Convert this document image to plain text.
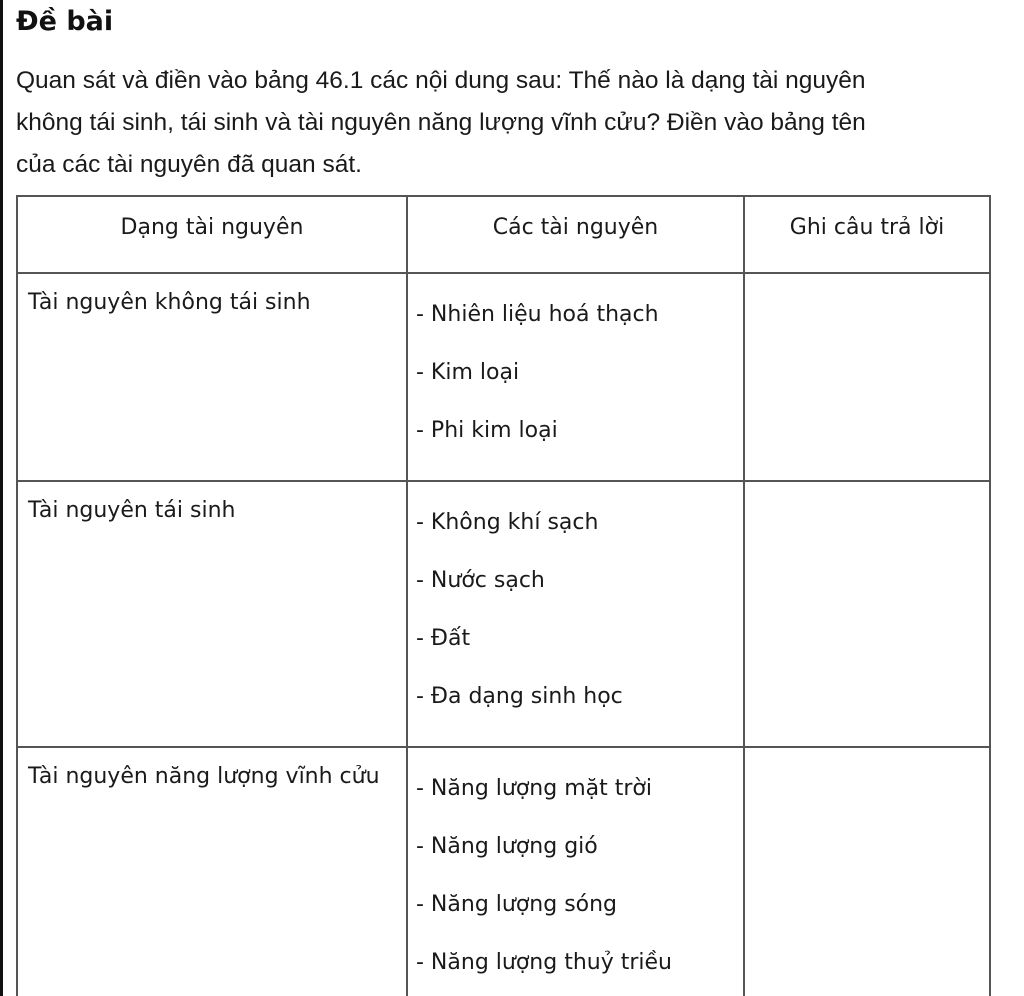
Đề bài

Quan sát và điền vào bảng 46.1 các nội dung sau: Thế nào là dạng tài nguyên
không tái sinh, tái sinh và tài nguyên năng lượng vĩnh cửu? Điền vào bảng tên
của các tài nguyên đã quan sát.

Dạng tài nguyên	Các tài nguyên	Ghi câu trả lời
Tài nguyên không tái sinh	- Nhiên liệu hoá thạch
- Kim loại
- Phi kim loại	

Tài nguyên tái sinh	- Không khí sạch
- Nước sạch
- Đất
- Đa dạng sinh học	

Tài nguyên năng lượng vĩnh cửu	- Năng lượng mặt trời
- Năng lượng gió
- Năng lượng sóng
- Năng lượng thuỷ triều	
